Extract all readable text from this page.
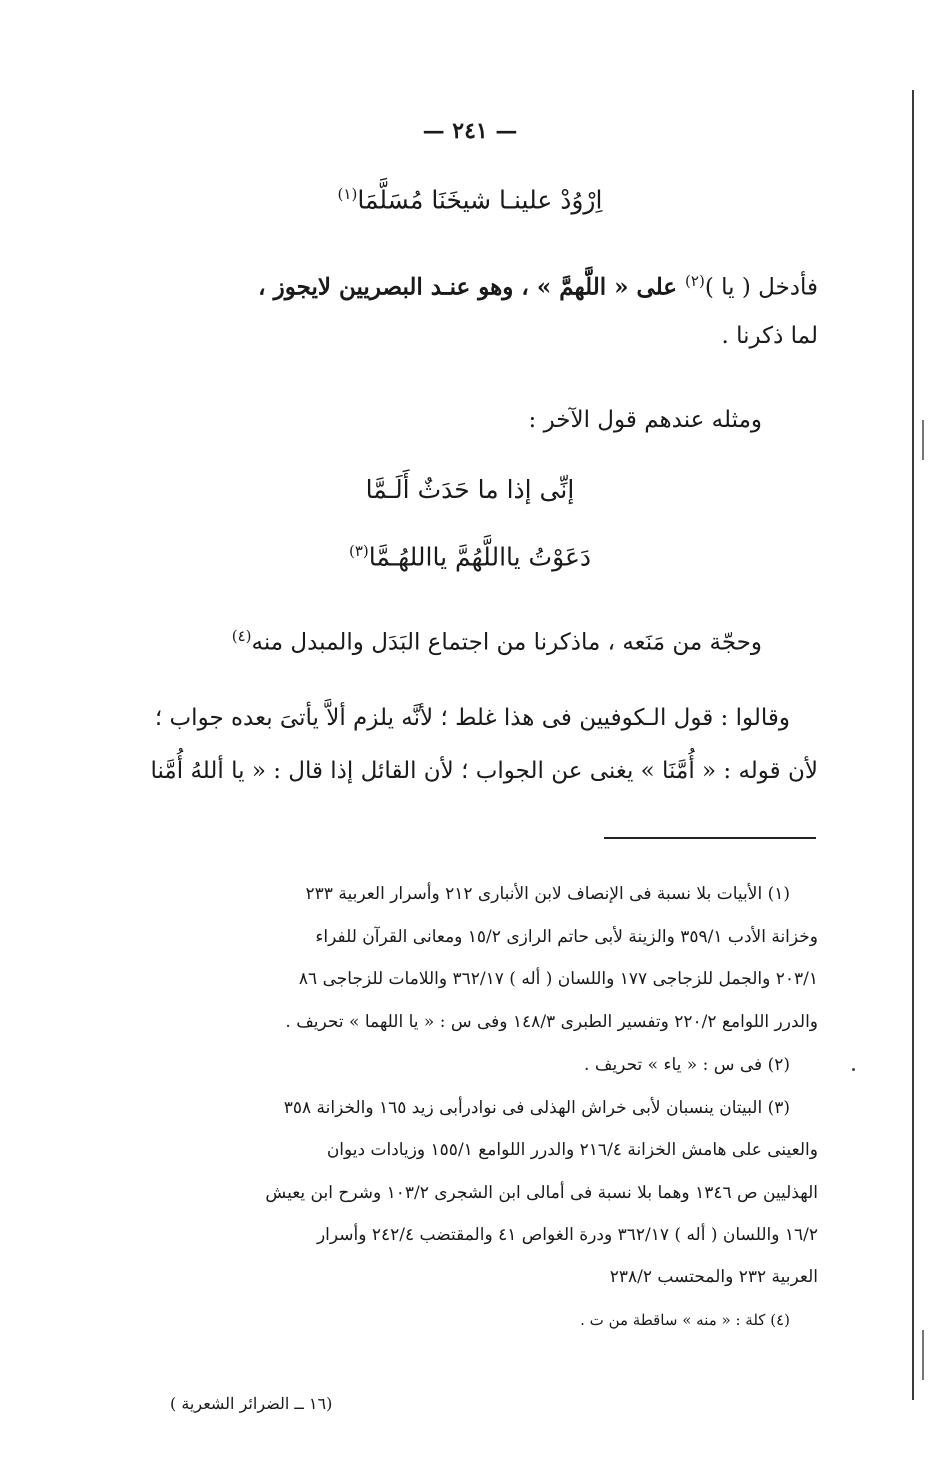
— ٢٤١ —
اِرْوُدْ علينـا شيخَنَا مُسَلَّمَا$^{(١)}$
فأدخل ( يا )$^{(٢)}$ على « اللَّهمَّ » ، وهو عنـد البصريين لايجوز ،
لما ذكرنا .
ومثله عندهم قول الآخر :
إنِّى إذا ما حَدَثٌ أَلَـمَّا
دَعَوْتُ يااللَّهُمَّ يااللهُـمَّا$^{(٣)}$
وحجّة من مَنَعه ، ماذكرنا من اجتماع البَدَل والمبدل منه$^{(٤)}$
وقالوا : قول الـكوفيين فى هذا غلط ؛ لأنَّه يلزم ألاَّ يأتىَ بعده جواب ؛
لأن قوله : « أُمَّنَا » يغنى عن الجواب ؛ لأن القائل إذا قال : « يا أللهُ أُمَّنا
(١) الأبيات بلا نسبة فى الإنصاف لابن الأنبارى ٢١٢ وأسرار العربية ٢٣٣
وخزانة الأدب ٣٥٩/١ والزينة لأبى حاتم الرازى ١٥/٢ ومعانى القرآن للفراء
٢٠٣/١ والجمل للزجاجى ١٧٧ واللسان ( أله ) ٣٦٢/١٧ واللامات للزجاجى ٨٦
والدرر اللوامع ٢٢٠/٢ وتفسير الطبرى ١٤٨/٣ وفى س : « يا اللهما » تحريف .
(٢) فى س : « ياء » تحريف .
(٣) البيتان ينسبان لأبى خراش الهذلى فى نوادرأبى زيد ١٦٥ والخزانة ٣٥٨
والعينى على هامش الخزانة ٢١٦/٤ والدرر اللوامع ١٥٥/١ وزيادات ديوان
الهذليين ص ١٣٤٦ وهما بلا نسبة فى أمالى ابن الشجرى ١٠٣/٢ وشرح ابن يعيش
١٦/٢ واللسان ( أله ) ٣٦٢/١٧ ودرة الغواص ٤١ والمقتضب ٢٤٢/٤ وأسرار
العربية ٢٣٢ والمحتسب ٢٣٨/٢
(٤) كلة : « منه » ساقطة من ت .
(١٦ ــ الضرائر الشعرية )
